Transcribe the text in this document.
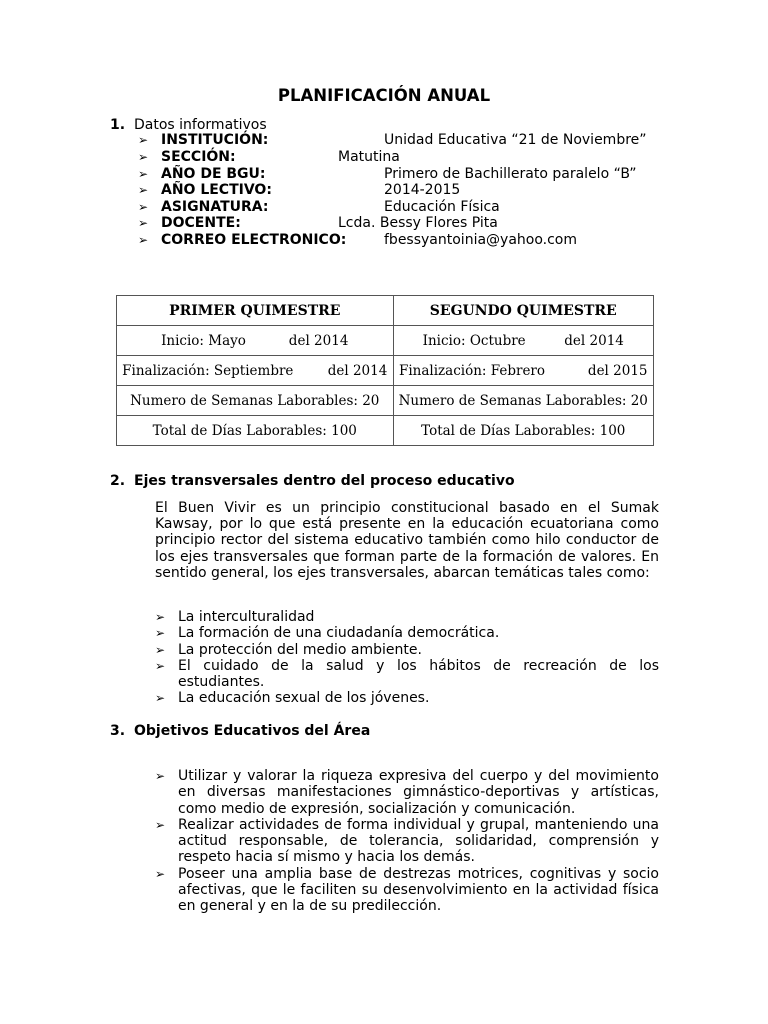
PLANIFICACIÓN ANUAL
1. Datos informativos
➢ INSTITUCIÓN:	Unidad Educativa “21 de Noviembre”
➢ SECCIÓN:	Matutina
➢ AÑO DE BGU:	Primero de Bachillerato paralelo “B”
➢ AÑO LECTIVO:	2014-2015
➢ ASIGNATURA:	Educación Física
➢ DOCENTE:	Lcda. Bessy Flores Pita
➢ CORREO ELECTRONICO:	fbessyantoinia@yahoo.com
PRIMER QUIMESTRE	SEGUNDO QUIMESTRE
Inicio: Mayo          del 2014	Inicio: Octubre         del 2014
Finalización: Septiembre        del 2014	Finalización: Febrero          del 2015
Numero de Semanas Laborables: 20	Numero de Semanas Laborables: 20
Total de Días Laborables: 100	Total de Días Laborables: 100
2. Ejes transversales dentro del proceso educativo
El Buen Vivir es un principio constitucional basado en el Sumak Kawsay, por lo que está presente en la educación ecuatoriana como principio rector del sistema educativo también como hilo conductor de los ejes transversales que forman parte de la formación de valores. En sentido general, los ejes transversales, abarcan temáticas tales como:
➢ La interculturalidad
➢ La formación de una ciudadanía democrática.
➢ La protección del medio ambiente.
➢ El cuidado de la salud y los hábitos de recreación de los estudiantes.
➢ La educación sexual de los jóvenes.
3. Objetivos Educativos del Área
➢ Utilizar y valorar la riqueza expresiva del cuerpo y del movimiento en diversas manifestaciones gimnástico-deportivas y artísticas, como medio de expresión, socialización y comunicación.
➢ Realizar actividades de forma individual y grupal, manteniendo una actitud responsable, de tolerancia, solidaridad, comprensión y respeto hacia sí mismo y hacia los demás.
➢ Poseer una amplia base de destrezas motrices, cognitivas y socio afectivas, que le faciliten su desenvolvimiento en la actividad física en general y en la de su predilección.
